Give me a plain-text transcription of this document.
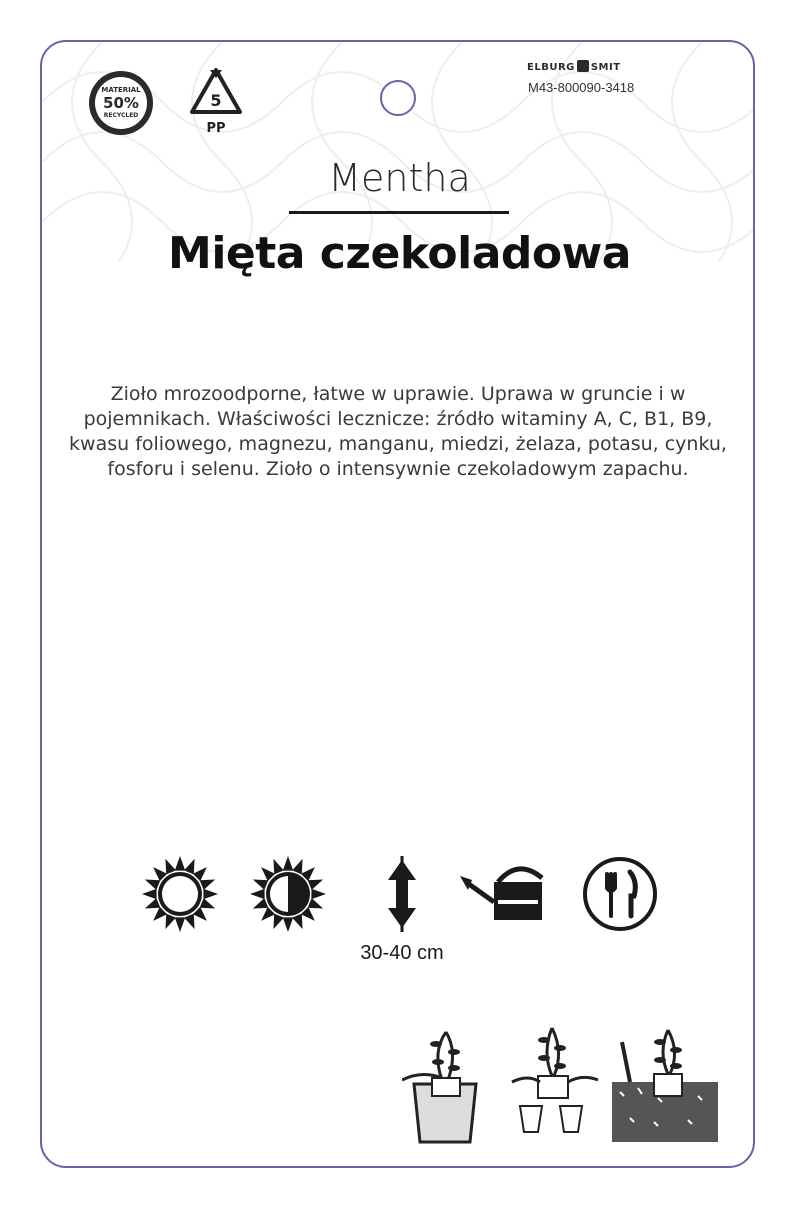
MATERIAL
50%
RECYCLED
5
PP
ELBURG SMIT
M43-800090-3418
Mentha
Mięta czekoladowa

Zioło mrozoodporne, łatwe w uprawie. Uprawa w gruncie i w pojemnikach. Właściwości lecznicze: źródło witaminy A, C, B1, B9, kwasu foliowego, magnezu, manganu, miedzi, żelaza, potasu, cynku, fosforu i selenu. Zioło o intensywnie czekoladowym zapachu.

30-40 cm
